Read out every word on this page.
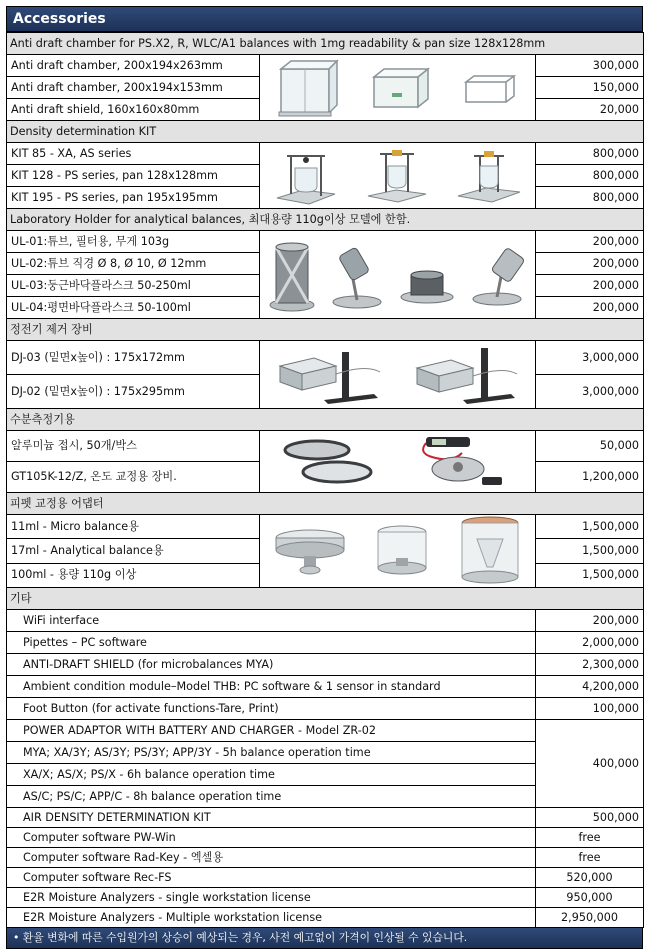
Accessories
Anti draft chamber for PS.X2, R, WLC/A1 balances with 1mg readability & pan size 128x128mm		
Anti draft chamber, 200x194x263mm		300,000
Anti draft chamber, 200x194x153mm		150,000
Anti draft shield, 160x160x80mm		20,000
Density determination KIT		
KIT 85 - XA, AS series		800,000
KIT 128 - PS series, pan 128x128mm		800,000
KIT 195 - PS series, pan 195x195mm		800,000
Laboratory Holder for analytical balances, 최대용량 110g이상 모델에 한함.		
UL-01:튜브, 필터용, 무게 103g		200,000
UL-02:튜브 직경 Ø 8, Ø 10, Ø 12mm		200,000
UL-03:둥근바닥플라스크 50-250ml		200,000
UL-04:평면바닥플라스크 50-100ml		200,000
정전기 제거 장비		
DJ-03 (밑면x높이) : 175x172mm		3,000,000
DJ-02 (밑면x높이) : 175x295mm		3,000,000
수분측정기용		
알루미늄 접시, 50개/박스		50,000
GT105K-12/Z, 온도 교정용 장비.		1,200,000
피펫 교정용 어댑터		
11ml - Micro balance용		1,500,000
17ml - Analytical balance용		1,500,000
100ml - 용량 110g 이상		1,500,000
기타		
WiFi interface		200,000
Pipettes – PC software		2,000,000
ANTI-DRAFT SHIELD (for microbalances MYA)		2,300,000
Ambient condition module–Model THB: PC software & 1 sensor in standard		4,200,000
Foot Button (for activate functions-Tare, Print)		100,000
POWER ADAPTOR WITH BATTERY AND CHARGER - Model ZR-02		400,000
MYA; XA/3Y; AS/3Y; PS/3Y; APP/3Y - 5h balance operation time		
XA/X; AS/X; PS/X - 6h balance operation time		
AS/C; PS/C; APP/C - 8h balance operation time		
AIR DENSITY DETERMINATION KIT		500,000
Computer software PW-Win		free
Computer software Rad-Key - 엑셀용		free
Computer software Rec-FS		520,000
E2R Moisture Analyzers - single workstation license		950,000
E2R Moisture Analyzers - Multiple workstation license		2,950,000
• 환율 변화에 따른 수입원가의 상승이 예상되는 경우, 사전 예고없이 가격이 인상될 수 있습니다.
